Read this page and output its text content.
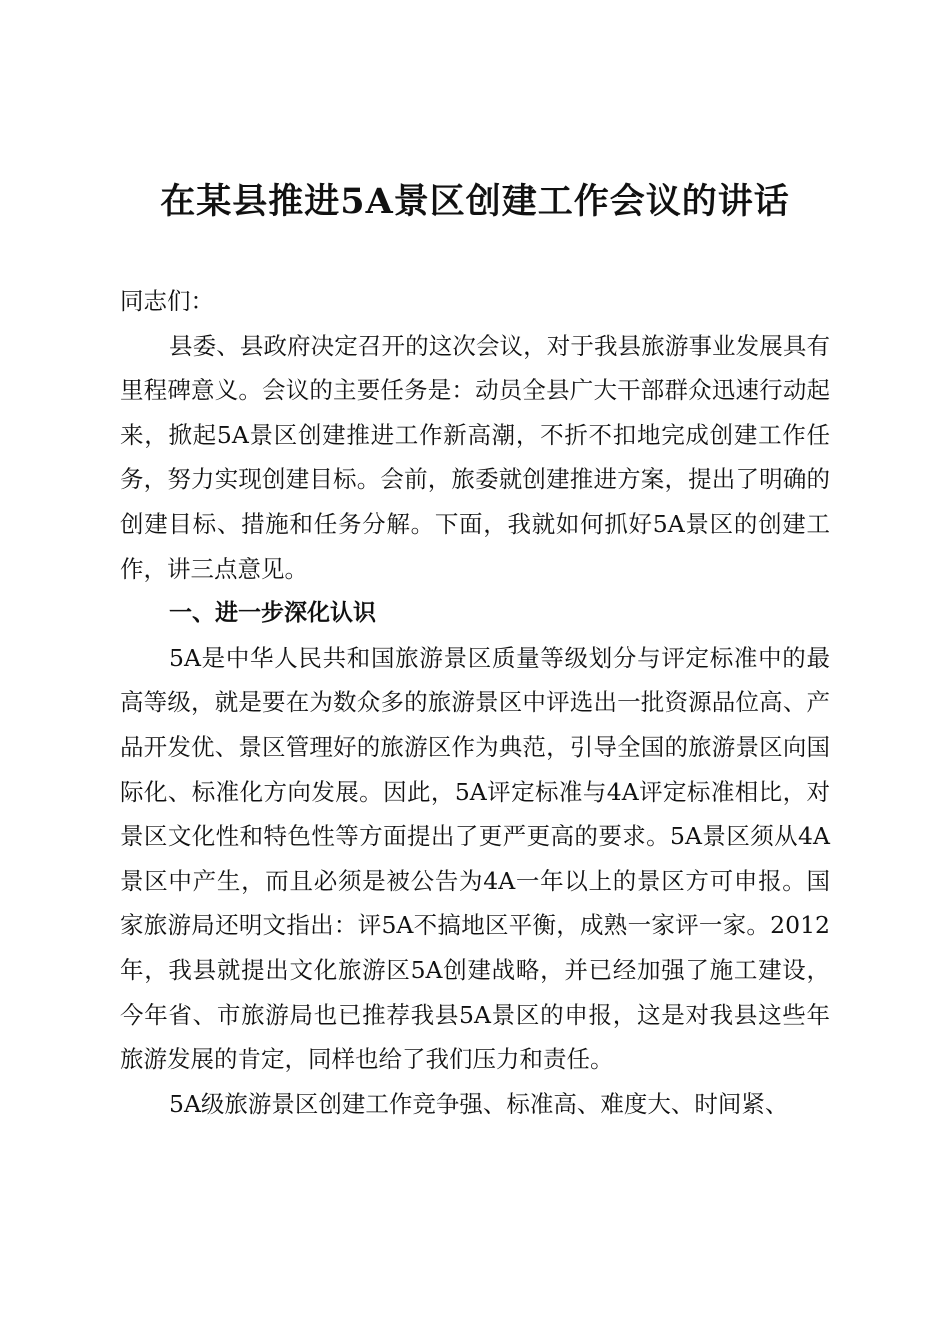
在某县推进5A景区创建工作会议的讲话

同志们：

县委、县政府决定召开的这次会议，对于我县旅游事业发展具有里程碑意义。会议的主要任务是：动员全县广大干部群众迅速行动起来，掀起5A景区创建推进工作新高潮，不折不扣地完成创建工作任务，努力实现创建目标。会前，旅委就创建推进方案，提出了明确的创建目标、措施和任务分解。下面，我就如何抓好5A景区的创建工作，讲三点意见。

一、进一步深化认识

5A是中华人民共和国旅游景区质量等级划分与评定标准中的最高等级，就是要在为数众多的旅游景区中评选出一批资源品位高、产品开发优、景区管理好的旅游区作为典范，引导全国的旅游景区向国际化、标准化方向发展。因此，5A评定标准与4A评定标准相比，对景区文化性和特色性等方面提出了更严更高的要求。5A景区须从4A景区中产生，而且必须是被公告为4A一年以上的景区方可申报。国家旅游局还明文指出：评5A不搞地区平衡，成熟一家评一家。2012年，我县就提出文化旅游区5A创建战略，并已经加强了施工建设，今年省、市旅游局也已推荐我县5A景区的申报，这是对我县这些年旅游发展的肯定，同样也给了我们压力和责任。

5A级旅游景区创建工作竞争强、标准高、难度大、时间紧、
